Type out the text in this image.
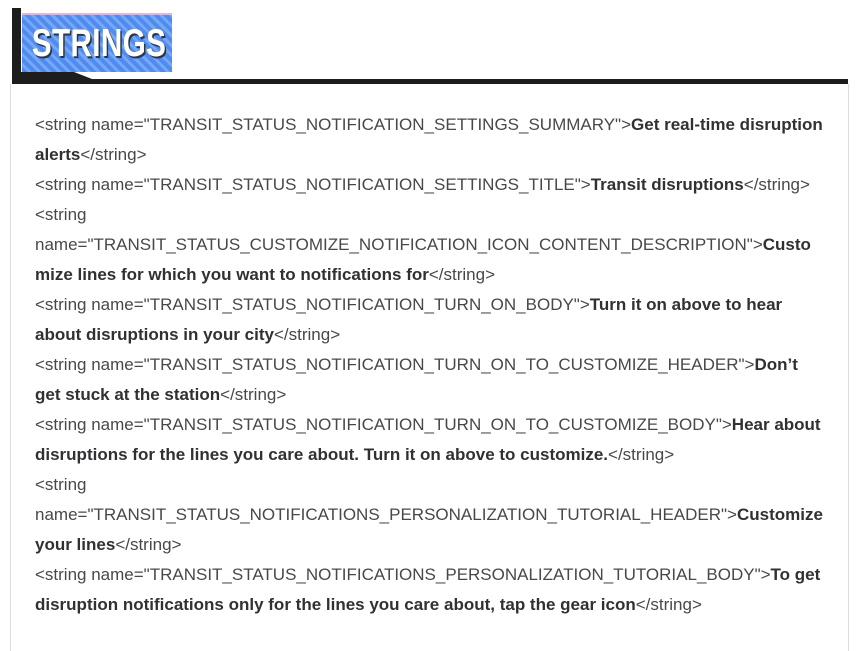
STRINGS
<string name="TRANSIT_STATUS_NOTIFICATION_SETTINGS_SUMMARY">Get real-time disruption alerts</string>
<string name="TRANSIT_STATUS_NOTIFICATION_SETTINGS_TITLE">Transit disruptions</string>
<string name="TRANSIT_STATUS_CUSTOMIZE_NOTIFICATION_ICON_CONTENT_DESCRIPTION">Customize lines for which you want to notifications for</string>
<string name="TRANSIT_STATUS_NOTIFICATION_TURN_ON_BODY">Turn it on above to hear about disruptions in your city</string>
<string name="TRANSIT_STATUS_NOTIFICATION_TURN_ON_TO_CUSTOMIZE_HEADER">Don’t get stuck at the station</string>
<string name="TRANSIT_STATUS_NOTIFICATION_TURN_ON_TO_CUSTOMIZE_BODY">Hear about disruptions for the lines you care about. Turn it on above to customize.</string>
<string name="TRANSIT_STATUS_NOTIFICATIONS_PERSONALIZATION_TUTORIAL_HEADER">Customize your lines</string>
<string name="TRANSIT_STATUS_NOTIFICATIONS_PERSONALIZATION_TUTORIAL_BODY">To get disruption notifications only for the lines you care about, tap the gear icon</string>
